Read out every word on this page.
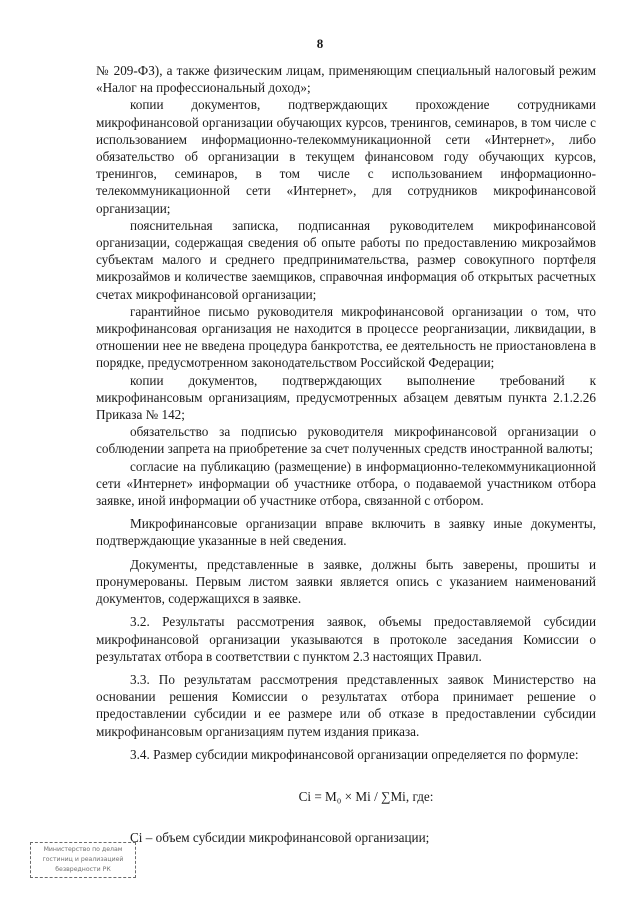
8

№ 209-ФЗ), а также физическим лицам, применяющим специальный налоговый режим «Налог на профессиональный доход»;

копии документов, подтверждающих прохождение сотрудниками микрофинансовой организации обучающих курсов, тренингов, семинаров, в том числе с использованием информационно-телекоммуникационной сети «Интернет», либо обязательство об организации в текущем финансовом году обучающих курсов, тренингов, семинаров, в том числе с использованием информационно-телекоммуникационной сети «Интернет», для сотрудников микрофинансовой организации;

пояснительная записка, подписанная руководителем микрофинансовой организации, содержащая сведения об опыте работы по предоставлению микрозаймов субъектам малого и среднего предпринимательства, размер совокупного портфеля микрозаймов и количестве заемщиков, справочная информация об открытых расчетных счетах микрофинансовой организации;

гарантийное письмо руководителя микрофинансовой организации о том, что микрофинансовая организация не находится в процессе реорганизации, ликвидации, в отношении нее не введена процедура банкротства, ее деятельность не приостановлена в порядке, предусмотренном законодательством Российской Федерации;

копии документов, подтверждающих выполнение требований к микрофинансовым организациям, предусмотренных абзацем девятым пункта 2.1.2.26 Приказа № 142;

обязательство за подписью руководителя микрофинансовой организации о соблюдении запрета на приобретение за счет полученных средств иностранной валюты;

согласие на публикацию (размещение) в информационно-телекоммуникационной сети «Интернет» информации об участнике отбора, о подаваемой участником отбора заявке, иной информации об участнике отбора, связанной с отбором.

Микрофинансовые организации вправе включить в заявку иные документы, подтверждающие указанные в ней сведения.

Документы, представленные в заявке, должны быть заверены, прошиты и пронумерованы. Первым листом заявки является опись с указанием наименований документов, содержащихся в заявке.

3.2. Результаты рассмотрения заявок, объемы предоставляемой субсидии микрофинансовой организации указываются в протоколе заседания Комиссии о результатах отбора в соответствии с пунктом 2.3 настоящих Правил.

3.3. По результатам рассмотрения представленных заявок Министерство на основании решения Комиссии о результатах отбора принимает решение о предоставлении субсидии и ее размере или об отказе в предоставлении субсидии микрофинансовым организациям путем издания приказа.

3.4. Размер субсидии микрофинансовой организации определяется по формуле:

Ci = M₀ × Mi / ∑Mi, где:

Ci – объем субсидии микрофинансовой организации;

Министерство по делам
гостиниц и реализацией
безвредности РК
